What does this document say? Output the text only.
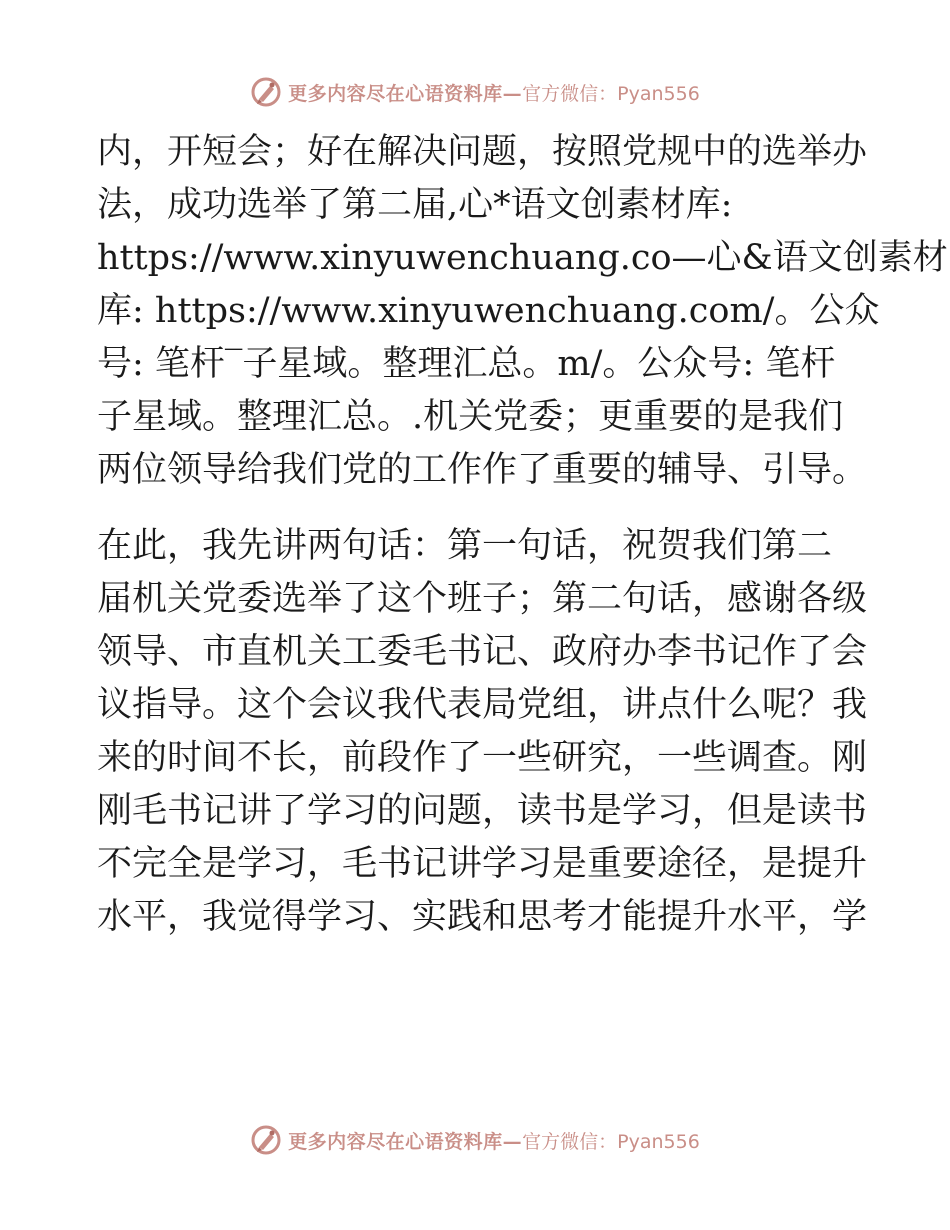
更多内容尽在心语资料库— 官方微信：Pyan556
内，开短会；好在解决问题，按照党规中的选举办
法，成功选举了第二届,心*语文创素材库:
https://www.xinyuwenchuang.co—心&语文创素材
库: https://www.xinyuwenchuang.com/。公众
号: 笔杆‾子星域。整理汇总。m/。公众号: 笔杆
子星域。整理汇总。.机关党委；更重要的是我们
两位领导给我们党的工作作了重要的辅导、引导。
在此，我先讲两句话：第一句话，祝贺我们第二
届机关党委选举了这个班子；第二句话，感谢各级
领导、市直机关工委毛书记、政府办李书记作了会
议指导。这个会议我代表局党组，讲点什么呢？我
来的时间不长，前段作了一些研究，一些调查。刚
刚毛书记讲了学习的问题，读书是学习，但是读书
不完全是学习，毛书记讲学习是重要途径，是提升
水平，我觉得学习、实践和思考才能提升水平，学
更多内容尽在心语资料库— 官方微信：Pyan556
